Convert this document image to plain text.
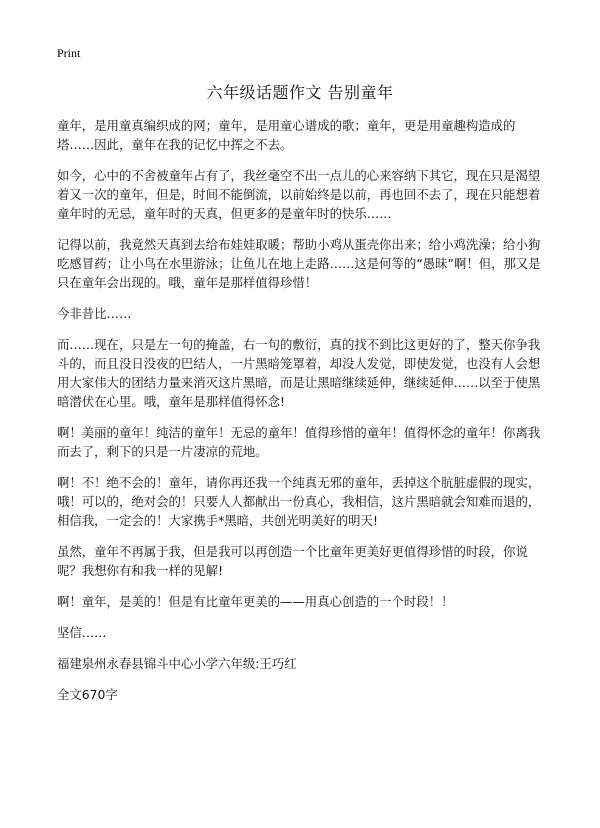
Print
六年级话题作文 告别童年

童年，是用童真编织成的网；童年，是用童心谱成的歌；童年，更是用童趣构造成的塔……因此，童年在我的记忆中挥之不去。

如今，心中的不舍被童年占有了，我丝毫空不出一点儿的心来容纳下其它，现在只是渴望着又一次的童年，但是，时间不能倒流，以前始终是以前，再也回不去了，现在只能想着童年时的无忌，童年时的天真，但更多的是童年时的快乐……

记得以前，我竟然天真到去给布娃娃取暖；帮助小鸡从蛋壳你出来；给小鸡洗澡；给小狗吃感冒药；让小鸟在水里游泳；让鱼儿在地上走路……这是何等的“愚昧”啊！但，那又是只在童年会出现的。哦，童年是那样值得珍惜！

今非昔比……

而……现在，只是左一句的掩盖，右一句的敷衍，真的找不到比这更好的了，整天你争我斗的，而且没日没夜的巴结人，一片黑暗笼罩着，却没人发觉，即使发觉，也没有人会想用大家伟大的团结力量来消灭这片黑暗，而是让黑暗继续延伸，继续延伸……以至于使黑暗潜伏在心里。哦，童年是那样值得怀念!

啊！美丽的童年！纯洁的童年！无忌的童年！值得珍惜的童年！值得怀念的童年！你离我而去了，剩下的只是一片凄凉的荒地。

啊！不！绝不会的！童年，请你再还我一个纯真无邪的童年，丢掉这个肮脏虚假的现实，哦！可以的，绝对会的！只要人人都献出一份真心，我相信，这片黑暗就会知难而退的，相信我，一定会的！大家携手*黑暗，共创光明美好的明天!

虽然，童年不再属于我，但是我可以再创造一个比童年更美好更值得珍惜的时段，你说呢？我想你有和我一样的见解!

啊！童年，是美的！但是有比童年更美的——用真心创造的一个时段！！

坚信……

福建泉州永春县锦斗中心小学六年级:王巧红

全文670字
